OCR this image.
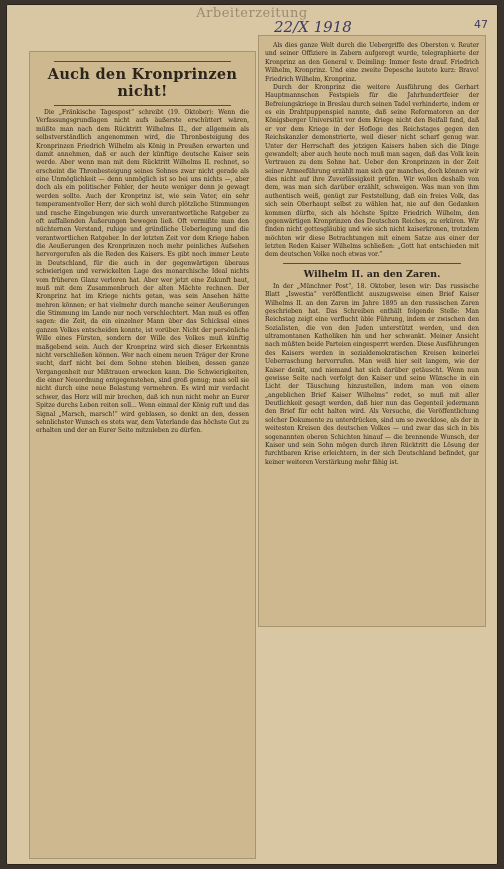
Arbeiterzeitung
22/X 1918	47
Auch den Kronprinzen nicht!

Die „Fränkische Tagespost“ schreibt (19. Oktober): Wenn die Verfassungsgrundlagen nicht aufs äußerste erschüttert wären, müßte man nach dem Rücktritt Wilhelms II., der allgemein als selbstverständlich angenommen wird, die Thronbesteigung des Kronprinzen Friedrich Wilhelm als König in Preußen erwarten und damit annehmen, daß er auch der künftige deutsche Kaiser sein werde. Aber wenn man mit dem Rücktritt Wilhelms II. rechnet, so erscheint die Thronbesteigung seines Sohnes zwar nicht gerade als eine Unmöglichkeit — denn unmöglich ist so bei uns nichts —, aber doch als ein politischer Fehler, der heute weniger denn je gewagt werden sollte. Auch der Kronprinz ist, wie sein Vater, ein sehr temperamentvoller Herr, der sich wohl durch plötzliche Stimmungen und rasche Eingebungen wie durch unverantwortliche Ratgeber zu oft auffallenden Äußerungen bewegen ließ. Oft vermißte man den nüchternen Verstand, ruhige und gründliche Ueberlegung und die verantwortlichen Ratgeber. In der letzten Zeit vor dem Kriege haben die Aeußerungen des Kronprinzen noch mehr peinliches Aufsehen hervorgerufen als die Reden des Kaisers. Es gibt noch immer Leute in Deutschland, für die auch in der gegenwärtigen überaus schwierigen und verwickelten Lage des monarchische Ideal nichts vom früheren Glanz verloren hat. Aber wer jetzt eine Zukunft baut, muß mit dem Zusammenbruch der alten Mächte rechnen. Der Kronprinz hat im Kriege nichts getan, was sein Ansehen hätte mehren können; er hat vielmehr durch manche seiner Aeußerungen die Stimmung im Lande nur noch verschlechtert. Man muß es offen sagen: die Zeit, da ein einzelner Mann über das Schicksal eines ganzen Volkes entscheiden konnte, ist vorüber. Nicht der persönliche Wille eines Fürsten, sondern der Wille des Volkes muß künftig maßgebend sein. Auch der Kronprinz wird sich dieser Erkenntnis nicht verschließen können. Wer nach einem neuen Träger der Krone sucht, darf nicht bei dem Sohne stehen bleiben, dessen ganze Vergangenheit nur Mißtrauen erwecken kann. Die Schwierigkeiten, die einer Neuordnung entgegenstehen, sind groß genug; man soll sie nicht durch eine neue Belastung vermehren. Es wird mir verdacht schwer, das Herz will mir brechen, daß ich nun nicht mehr an Eurer Spitze durchs Leben reiten soll... Wenn einmal der König ruft und das Signal „Marsch, marsch!“ wird geblasen, so denkt an den, dessen sehnlichster Wunsch es stets war, dem Vaterlande das höchste Gut zu erhalten und der an Eurer Seite mitzuleben zu dürfen.

Als dies ganze Welt durch die Uebergriffe des Obersten v. Reuter und seiner Offiziere in Zabern aufgeregt wurde, telegraphierte der Kronprinz an den General v. Deimling: Immer feste drauf. Friedrich Wilhelm, Kronprinz. Und eine zweite Depesche lautete kurz: Bravo! Friedrich Wilhelm, Kronprinz.

Durch der Kronprinz die weitere Ausführung des Gerhart Hauptmannschen Festspiels für die Jahrhundertfeier der Befreiungskriege in Breslau durch seinen Tadel verhinderte, indem er es ein Drahtpuppenspiel nannte, daß seine Reformatoren an der Königsberger Universität vor dem Kriege nicht den Beifall fand, daß er vor dem Kriege in der Hofloge des Reichstages gegen den Reichskanzler demonstrierte, weil dieser nicht scharf genug war. Unter der Herrschaft des jetzigen Kaisers haben sich die Dinge gewandelt; aber auch heute noch muß man sagen, daß das Volk kein Vertrauen zu dem Sohne hat. Ueber den Kronprinzen in der Zeit seiner Armeeführung erzählt man sich gar manches, doch können wir dies nicht auf ihre Zuverlässigkeit prüfen. Wir wollen deshalb von dem, was man sich darüber erzählt, schweigen. Was man von ihm authentisch weiß, genügt zur Feststellung, daß ein freies Volk, das sich sein Oberhaupt selbst zu wählen hat, nie auf den Gedanken kommen dürfte, sich als höchste Spitze Friedrich Wilhelm, den gegenwärtigen Kronprinzen des Deutschen Reiches, zu erküren. Wir finden nicht gottesgläubig und wie sich nicht kaiserkronen, trotzdem möchten wir diese Betrachtungen mit einem Satze aus einer der letzten Reden Kaiser Wilhelms schließen: „Gott hat entschieden mit dem deutschen Volke noch etwas vor.“

Wilhelm II. an den Zaren.

In der „Münchner Post“, 18. Oktober, lesen wir: Das russische Blatt „Iswestia“ veröffentlicht auszugsweise einen Brief Kaiser Wilhelms II. an den Zaren im Jahre 1895 an den russischen Zaren geschrieben hat. Das Schreiben enthält folgende Stelle: Man Reichstag zeigt eine verflucht üble Führung, indem er zwischen den Sozialisten, die von den Juden unterstützt werden, und den ultramontanen Katholiken hin und her schwankt. Meiner Ansicht nach müßten beide Parteien eingesperrt werden. Diese Ausführungen des Kaisers werden in sozialdemokratischen Kreisen keinerlei Ueberraschung hervorrufen. Man weiß hier seit langem, wie der Kaiser denkt, und niemand hat sich darüber getäuscht. Wenn nun gewisse Seite nach verfolgt den Kaiser und seine Wünsche in ein Licht der Täuschung hinzustellen, indem man von einem „angeblichen Brief Kaiser Wilhelms“ redet, so muß mit aller Deutlichkeit gesagt werden, daß hier nun das Gegenteil jedermann den Brief für echt halten wird. Als Versuche, die Veröffentlichung solcher Dokumente zu unterdrücken, sind um so zwecklose, als der in weitesten Kreisen des deutschen Volkes — und zwar das sich in bis sogenannten oberen Schichten hinauf — die brennende Wunsch, der Kaiser und sein Sohn mögen durch ihren Rücktritt die Lösung der furchtbaren Krise erleichtern, in der sich Deutschland befindet, gar keiner weiteren Verstärkung mehr fähig ist.
